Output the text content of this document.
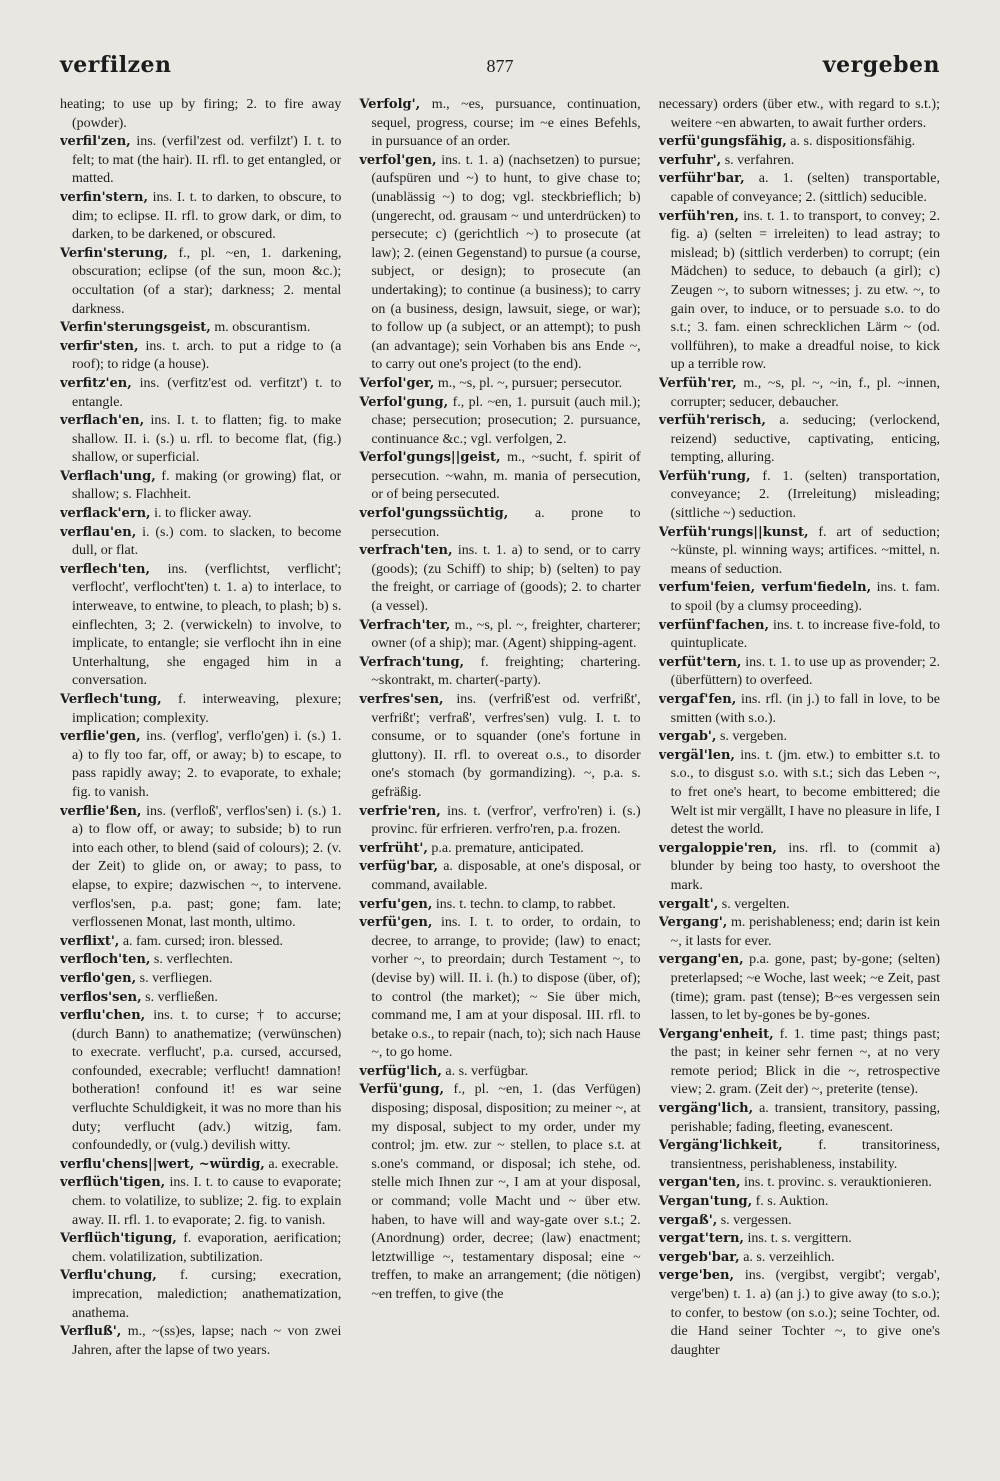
verfilzen	877	vergeben

heating; to use up by firing; 2. to fire away (powder).

verfil'zen, ins. (verfil'zest od. verfilzt') I. t. to felt; to mat (the hair). II. rfl. to get entangled, or matted.

verfin'stern, ins. I. t. to darken, to obscure, to dim; to eclipse. II. rfl. to grow dark, or dim, to darken, to be darkened, or obscured.

Verfin'sterung, f., pl. ~en, 1. darkening, obscuration; eclipse (of the sun, moon &c.); occultation (of a star); darkness; 2. mental darkness.

Verfin'sterungsgeist, m. obscurantism.

verfir'sten, ins. t. arch. to put a ridge to (a roof); to ridge (a house).

verfitz'en, ins. (verfitz'est od. verfitzt') t. to entangle.

verflach'en, ins. I. t. to flatten; fig. to make shallow. II. i. (s.) u. rfl. to become flat, (fig.) shallow, or superficial.

Verflach'ung, f. making (or growing) flat, or shallow; s. Flachheit.

verflack'ern, i. to flicker away.

verflau'en, i. (s.) com. to slacken, to become dull, or flat.

verflech'ten, ins. (verflichtst, verflicht'; verflocht', verflocht'ten) t. 1. a) to interlace, to interweave, to entwine, to pleach, to plash; b) s. einflechten, 3; 2. (verwickeln) to involve, to implicate, to entangle; sie verflocht ihn in eine Unterhaltung, she engaged him in a conversation.

Verflech'tung, f. interweaving, plexure; implication; complexity.

verflie'gen, ins. (verflog', verflo'gen) i. (s.) 1. a) to fly too far, off, or away; b) to escape, to pass rapidly away; 2. to evaporate, to exhale; fig. to vanish.

verflie'ßen, ins. (verfloß', verflos'sen) i. (s.) 1. a) to flow off, or away; to subside; b) to run into each other, to blend (said of colours); 2. (v. der Zeit) to glide on, or away; to pass, to elapse, to expire; dazwischen ~, to intervene. verflos'sen, p.a. past; gone; fam. late; verflossenen Monat, last month, ultimo.

verflixt', a. fam. cursed; iron. blessed.

verfloch'ten, s. verflechten.

verflo'gen, s. verfliegen.

verflos'sen, s. verfließen.

verflu'chen, ins. t. to curse; † to accurse; (durch Bann) to anathematize; (verwünschen) to execrate. verflucht', p.a. cursed, accursed, confounded, execrable; verflucht! damnation! botheration! confound it! es war seine verfluchte Schuldigkeit, it was no more than his duty; verflucht (adv.) witzig, fam. confoundedly, or (vulg.) devilish witty.

verflu'chens||wert, ~würdig, a. execrable.

verflüch'tigen, ins. I. t. to cause to evaporate; chem. to volatilize, to sublize; 2. fig. to explain away. II. rfl. 1. to evaporate; 2. fig. to vanish.

Verflüch'tigung, f. evaporation, aerification; chem. volatilization, subtilization.

Verflu'chung, f. cursing; execration, imprecation, malediction; anathematization, anathema.

Verfluß', m., ~(ss)es, lapse; nach ~ von zwei Jahren, after the lapse of two years.

Verfolg', m., ~es, pursuance, continuation, sequel, progress, course; im ~e eines Befehls, in pursuance of an order.

verfol'gen, ins. t. 1. a) (nachsetzen) to pursue; (aufspüren und ~) to hunt, to give chase to; (unablässig ~) to dog; vgl. steckbrieflich; b) (ungerecht, od. grausam ~ und unterdrücken) to persecute; c) (gerichtlich ~) to prosecute (at law); 2. (einen Gegenstand) to pursue (a course, subject, or design); to prosecute (an undertaking); to continue (a business); to carry on (a business, design, lawsuit, siege, or war); to follow up (a subject, or an attempt); to push (an advantage); sein Vorhaben bis ans Ende ~, to carry out one's project (to the end).

Verfol'ger, m., ~s, pl. ~, pursuer; persecutor.

Verfol'gung, f., pl. ~en, 1. pursuit (auch mil.); chase; persecution; prosecution; 2. pursuance, continuance &c.; vgl. verfolgen, 2.

Verfol'gungs||geist, m., ~sucht, f. spirit of persecution. ~wahn, m. mania of persecution, or of being persecuted.

verfol'gungssüchtig, a. prone to persecution.

verfrach'ten, ins. t. 1. a) to send, or to carry (goods); (zu Schiff) to ship; b) (selten) to pay the freight, or carriage of (goods); 2. to charter (a vessel).

Verfrach'ter, m., ~s, pl. ~, freighter, charterer; owner (of a ship); mar. (Agent) shipping-agent.

Verfrach'tung, f. freighting; chartering. ~skontrakt, m. charter(-party).

verfres'sen, ins. (verfriß'est od. verfrißt', verfrißt'; verfraß', verfres'sen) vulg. I. t. to consume, or to squander (one's fortune in gluttony). II. rfl. to overeat o.s., to disorder one's stomach (by gormandizing). ~, p.a. s. gefräßig.

verfrie'ren, ins. t. (verfror', verfro'ren) i. (s.) provinc. für erfrieren. verfro'ren, p.a. frozen.

verfrüht', p.a. premature, anticipated.

verfüg'bar, a. disposable, at one's disposal, or command, available.

verfu'gen, ins. t. techn. to clamp, to rabbet.

verfü'gen, ins. I. t. to order, to ordain, to decree, to arrange, to provide; (law) to enact; vorher ~, to preordain; durch Testament ~, to (devise by) will. II. i. (h.) to dispose (über, of); to control (the market); ~ Sie über mich, command me, I am at your disposal. III. rfl. to betake o.s., to repair (nach, to); sich nach Hause ~, to go home.

verfüg'lich, a. s. verfügbar.

Verfü'gung, f., pl. ~en, 1. (das Verfügen) disposing; disposal, disposition; zu meiner ~, at my disposal, subject to my order, under my control; jm. etw. zur ~ stellen, to place s.t. at s.one's command, or disposal; ich stehe, od. stelle mich Ihnen zur ~, I am at your disposal, or command; volle Macht und ~ über etw. haben, to have will and way-gate over s.t.; 2. (Anordnung) order, decree; (law) enactment; letztwillige ~, testamentary disposal; eine ~ treffen, to make an arrangement; (die nötigen) ~en treffen, to give (the

necessary) orders (über etw., with regard to s.t.); weitere ~en abwarten, to await further orders.

verfü'gungsfähig, a. s. dispositionsfähig.

verfuhr', s. verfahren.

verführ'bar, a. 1. (selten) transportable, capable of conveyance; 2. (sittlich) seducible.

verfüh'ren, ins. t. 1. to transport, to convey; 2. fig. a) (selten = irreleiten) to lead astray; to mislead; b) (sittlich verderben) to corrupt; (ein Mädchen) to seduce, to debauch (a girl); c) Zeugen ~, to suborn witnesses; j. zu etw. ~, to gain over, to induce, or to persuade s.o. to do s.t.; 3. fam. einen schrecklichen Lärm ~ (od. vollführen), to make a dreadful noise, to kick up a terrible row.

Verfüh'rer, m., ~s, pl. ~, ~in, f., pl. ~innen, corrupter; seducer, debaucher.

verfüh'rerisch, a. seducing; (verlockend, reizend) seductive, captivating, enticing, tempting, alluring.

Verfüh'rung, f. 1. (selten) transportation, conveyance; 2. (Irreleitung) misleading; (sittliche ~) seduction.

Verfüh'rungs||kunst, f. art of seduction; ~künste, pl. winning ways; artifices. ~mittel, n. means of seduction.

verfum'feien, verfum'fiedeln, ins. t. fam. to spoil (by a clumsy proceeding).

verfünf'fachen, ins. t. to increase five-fold, to quintuplicate.

verfüt'tern, ins. t. 1. to use up as provender; 2. (überfüttern) to overfeed.

vergaf'fen, ins. rfl. (in j.) to fall in love, to be smitten (with s.o.).

vergab', s. vergeben.

vergäl'len, ins. t. (jm. etw.) to embitter s.t. to s.o., to disgust s.o. with s.t.; sich das Leben ~, to fret one's heart, to become embittered; die Welt ist mir vergällt, I have no pleasure in life, I detest the world.

vergaloppie'ren, ins. rfl. to (commit a) blunder by being too hasty, to overshoot the mark.

vergalt', s. vergelten.

Vergang', m. perishableness; end; darin ist kein ~, it lasts for ever.

vergang'en, p.a. gone, past; by-gone; (selten) preterlapsed; ~e Woche, last week; ~e Zeit, past (time); gram. past (tense); B~es vergessen sein lassen, to let by-gones be by-gones.

Vergang'enheit, f. 1. time past; things past; the past; in keiner sehr fernen ~, at no very remote period; Blick in die ~, retrospective view; 2. gram. (Zeit der) ~, preterite (tense).

vergäng'lich, a. transient, transitory, passing, perishable; fading, fleeting, evanescent.

Vergäng'lichkeit,	f. transitoriness, transientness, perishableness, instability.

vergan'ten, ins. t. provinc. s. verauktionieren.

Vergan'tung, f. s. Auktion.

vergaß', s. vergessen.

vergat'tern, ins. t. s. vergittern.

vergeb'bar, a. s. verzeihlich.

verge'ben, ins. (vergibst, vergibt'; vergab', verge'ben) t. 1. a) (an j.) to give away (to s.o.); to confer, to bestow (on s.o.); seine Tochter, od. die Hand seiner Tochter ~, to give one's daughter
